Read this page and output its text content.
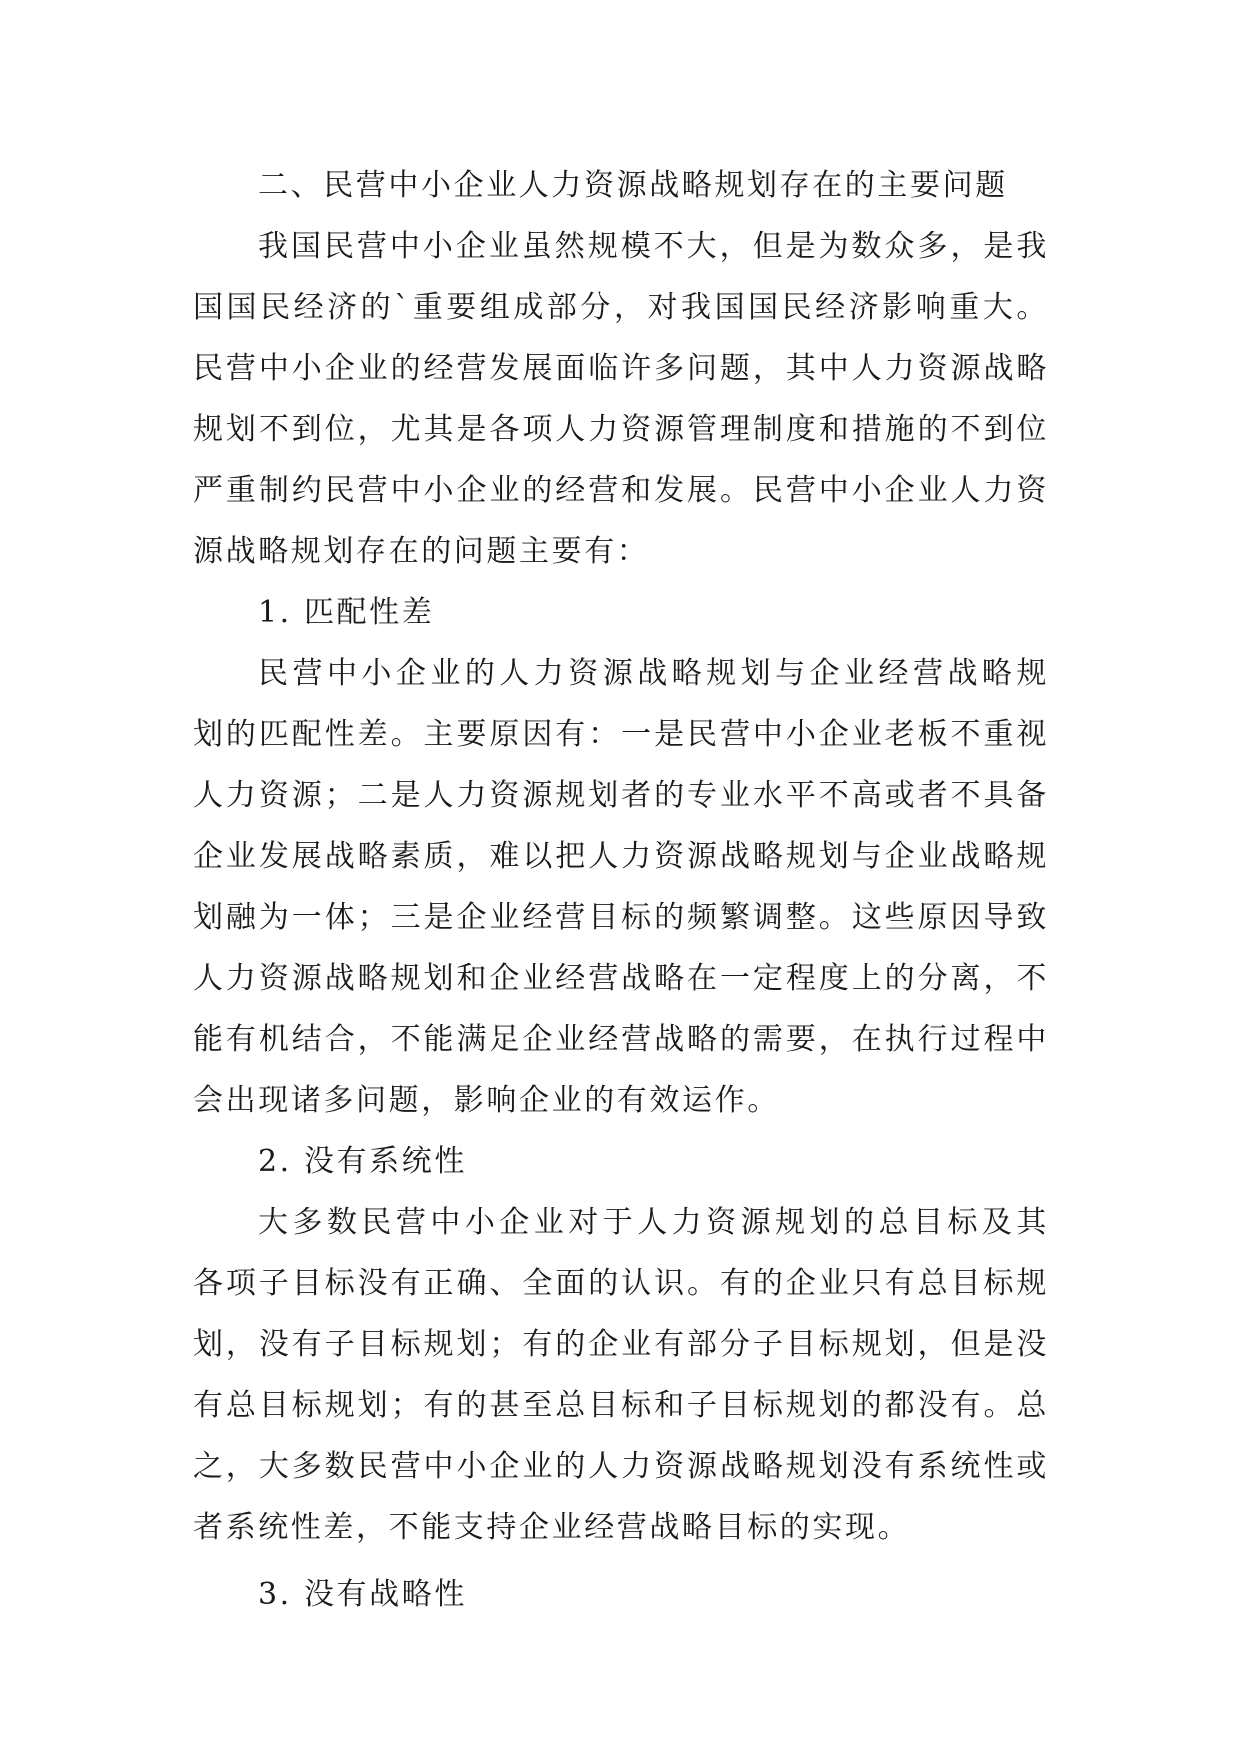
二、民营中小企业人力资源战略规划存在的主要问题
我国民营中小企业虽然规模不大，但是为数众多，是我
国国民经济的`重要组成部分，对我国国民经济影响重大。
民营中小企业的经营发展面临许多问题，其中人力资源战略
规划不到位，尤其是各项人力资源管理制度和措施的不到位
严重制约民营中小企业的经营和发展。民营中小企业人力资
源战略规划存在的问题主要有：
1. 匹配性差
民营中小企业的人力资源战略规划与企业经营战略规
划的匹配性差。主要原因有：一是民营中小企业老板不重视
人力资源；二是人力资源规划者的专业水平不高或者不具备
企业发展战略素质，难以把人力资源战略规划与企业战略规
划融为一体；三是企业经营目标的频繁调整。这些原因导致
人力资源战略规划和企业经营战略在一定程度上的分离，不
能有机结合，不能满足企业经营战略的需要，在执行过程中
会出现诸多问题，影响企业的有效运作。
2. 没有系统性
大多数民营中小企业对于人力资源规划的总目标及其
各项子目标没有正确、全面的认识。有的企业只有总目标规
划，没有子目标规划；有的企业有部分子目标规划，但是没
有总目标规划；有的甚至总目标和子目标规划的都没有。总
之，大多数民营中小企业的人力资源战略规划没有系统性或
者系统性差，不能支持企业经营战略目标的实现。
3. 没有战略性
